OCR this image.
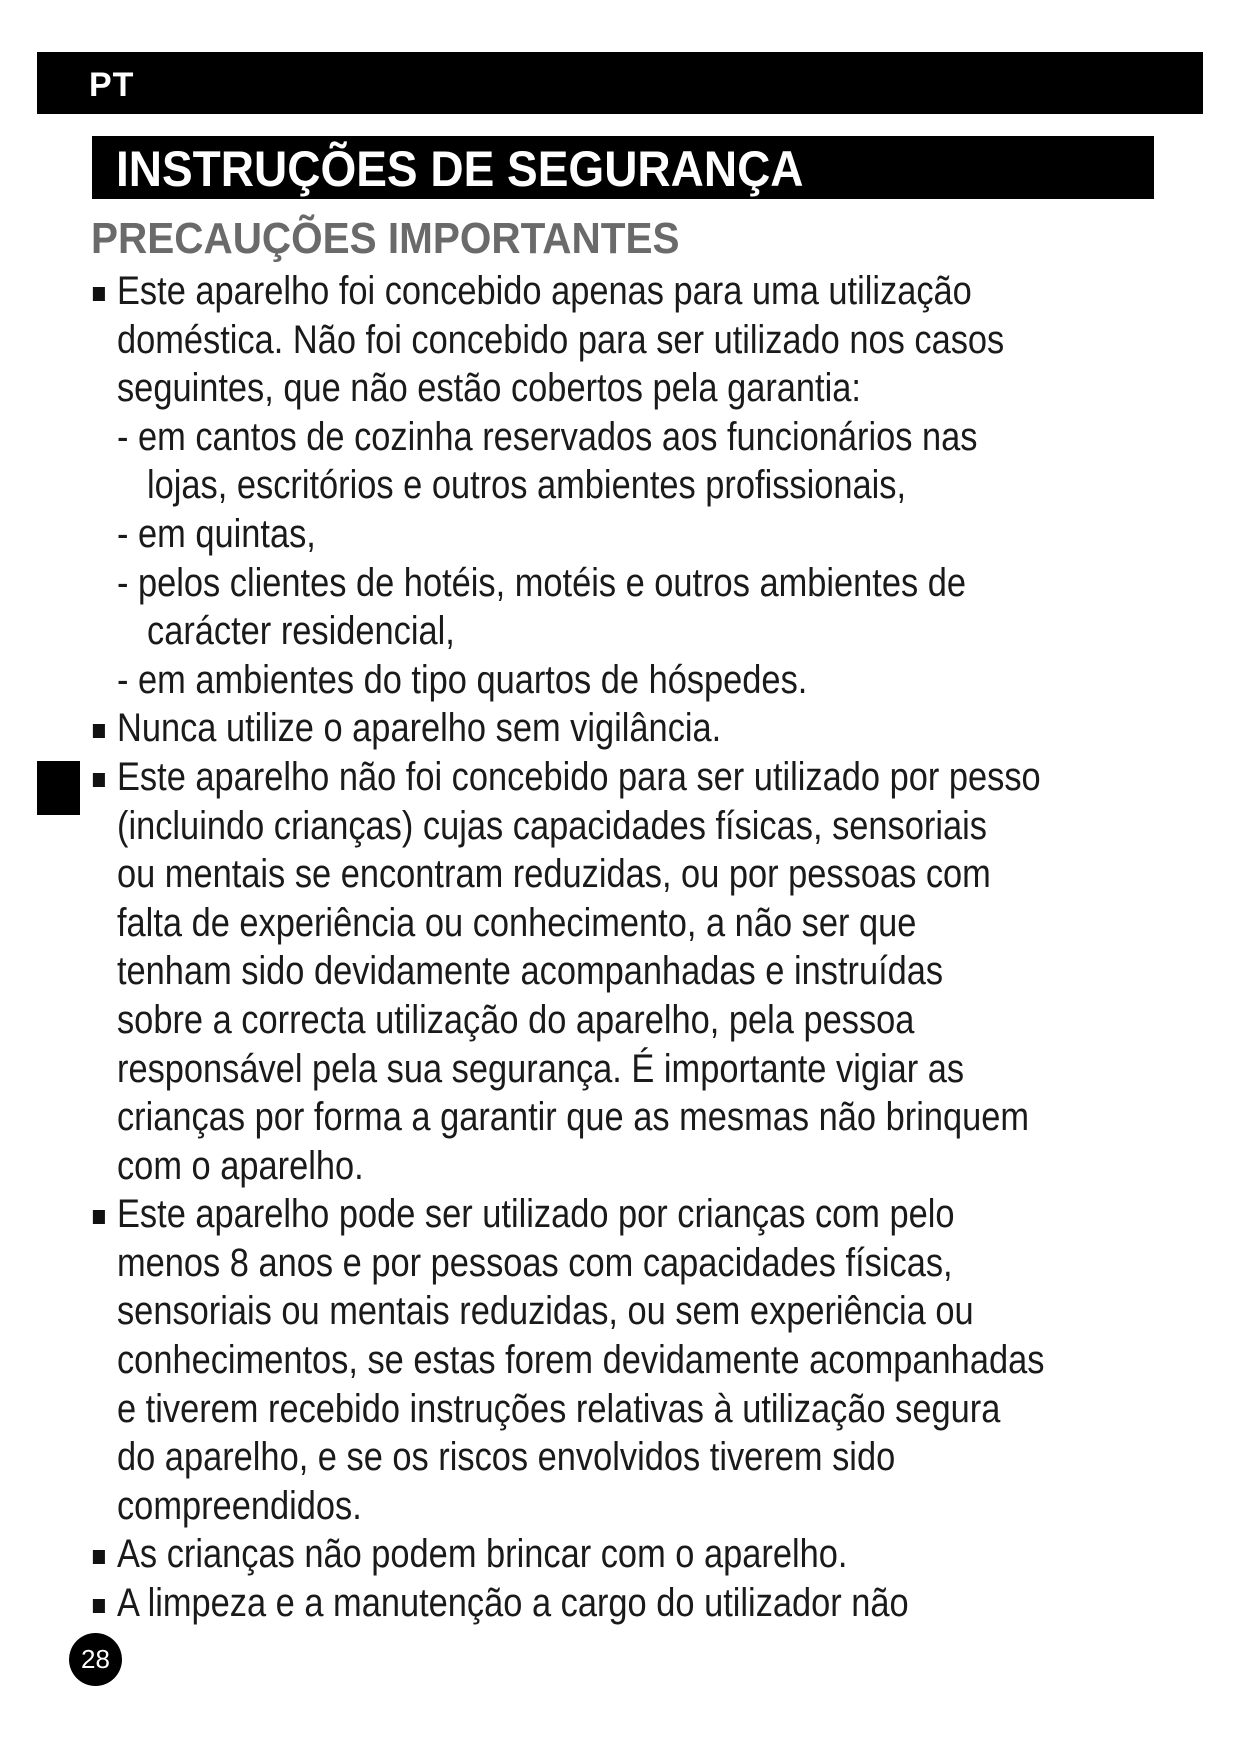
PT
INSTRUÇÕES DE SEGURANÇA
PRECAUÇÕES IMPORTANTES
Este aparelho foi concebido apenas para uma utilização
doméstica. Não foi concebido para ser utilizado nos casos
seguintes, que não estão cobertos pela garantia:
- em cantos de cozinha reservados aos funcionários nas
lojas, escritórios e outros ambientes profissionais,
- em quintas,
- pelos clientes de hotéis, motéis e outros ambientes de
carácter residencial,
- em ambientes do tipo quartos de hóspedes.
Nunca utilize o aparelho sem vigilância.
Este aparelho não foi concebido para ser utilizado por pesso
(incluindo crianças) cujas capacidades físicas, sensoriais
ou mentais se encontram reduzidas, ou por pessoas com
falta de experiência ou conhecimento, a não ser que
tenham sido devidamente acompanhadas e instruídas
sobre a correcta utilização do aparelho, pela pessoa
responsável pela sua segurança. É importante vigiar as
crianças por forma a garantir que as mesmas não brinquem
com o aparelho.
Este aparelho pode ser utilizado por crianças com pelo
menos 8 anos e por pessoas com capacidades físicas,
sensoriais ou mentais reduzidas, ou sem experiência ou
conhecimentos, se estas forem devidamente acompanhadas
e tiverem recebido instruções relativas à utilização segura
do aparelho, e se os riscos envolvidos tiverem sido
compreendidos.
As crianças não podem brincar com o aparelho.
A limpeza e a manutenção a cargo do utilizador não
28
